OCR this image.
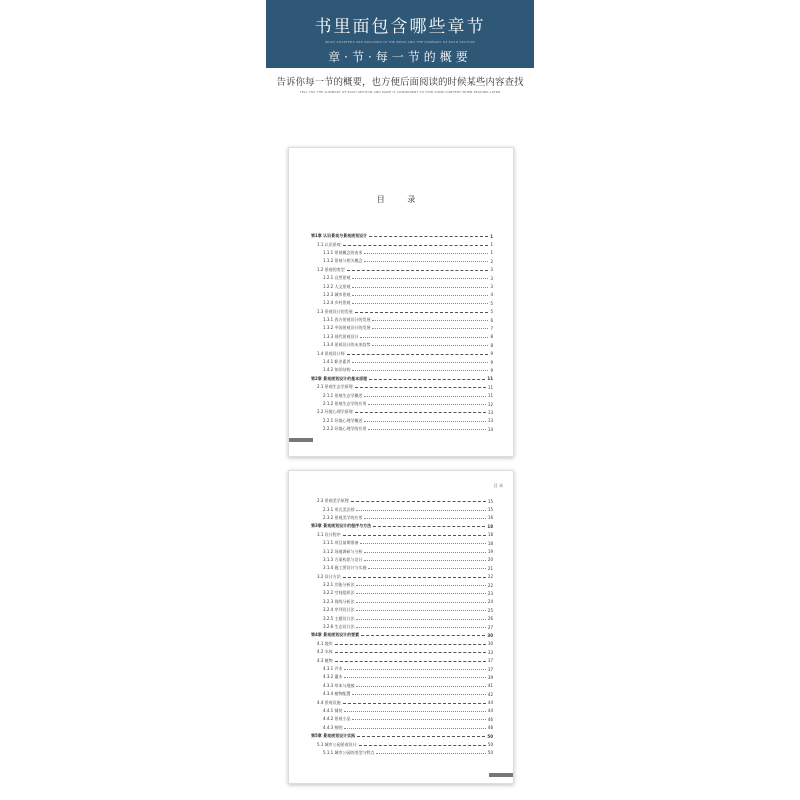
书里面包含哪些章节
WHAT CHAPTERS ARE INCLUDED IN THE BOOK AND THE SUMMARY OF EACH SECTION
章·节·每一节的概要
告诉你每一节的概要，也方便后面阅读的时候某些内容查找
TELL YOU THE SUMMARY OF EACH SECTION AND MAKE IT CONVENIENT TO FIND SOME CONTENT WHEN READING LATER
目 录
第1章 认识景观与景观规划设计	1
1.1 认识景观	1
1.1.1 景观概念的由来	1
1.1.2 景观与相关概念	2
1.2 景观的类型	3
1.2.1 自然景观	3
1.2.2 人文景观	3
1.2.3 城市景观	4
1.2.4 乡村景观	5
1.3 景观设计的发展	5
1.3.1 西方景观设计的发展	6
1.3.2 中国景观设计的发展	7
1.3.3 现代景观设计	8
1.3.4 景观设计的未来趋势	8
1.4 景观设计师	9
1.4.1 职业素养	9
1.4.2 知识结构	9
第2章 景观规划设计的基本原理	11
2.1 景观生态学原理	11
2.1.1 景观生态学概述	11
2.1.2 景观生态学的应用	12
2.2 环境心理学原理	13
2.2.1 环境心理学概述	13
2.2.2 环境心理学的应用	14
目 录
2.3 景观美学原理	15
2.3.1 形式美法则	15
2.3.2 景观美学的应用	16
第3章 景观规划设计的程序与方法	18
3.1 设计程序	18
3.1.1 项目前期准备	18
3.1.2 场地调研与分析	19
3.1.3 方案构思与设计	20
3.1.4 施工图设计与实施	21
3.2 设计方法	22
3.2.1 功能分析法	22
3.2.2 空间组织法	23
3.2.3 视线分析法	24
3.2.4 序列设计法	25
3.2.5 主题设计法	26
3.2.6 生态设计法	27
第4章 景观规划设计的要素	30
4.1 地形	30
4.2 水体	33
4.3 植物	37
4.3.1 乔木	37
4.3.2 灌木	39
4.3.3 草本与地被	41
4.3.4 植物配置	42
4.4 景观设施	44
4.4.1 铺装	44
4.4.2 景观小品	46
4.4.3 照明	48
第5章 景观规划设计实践	50
5.1 城市公园景观设计	50
5.1.1 城市公园的类型与特点	50
